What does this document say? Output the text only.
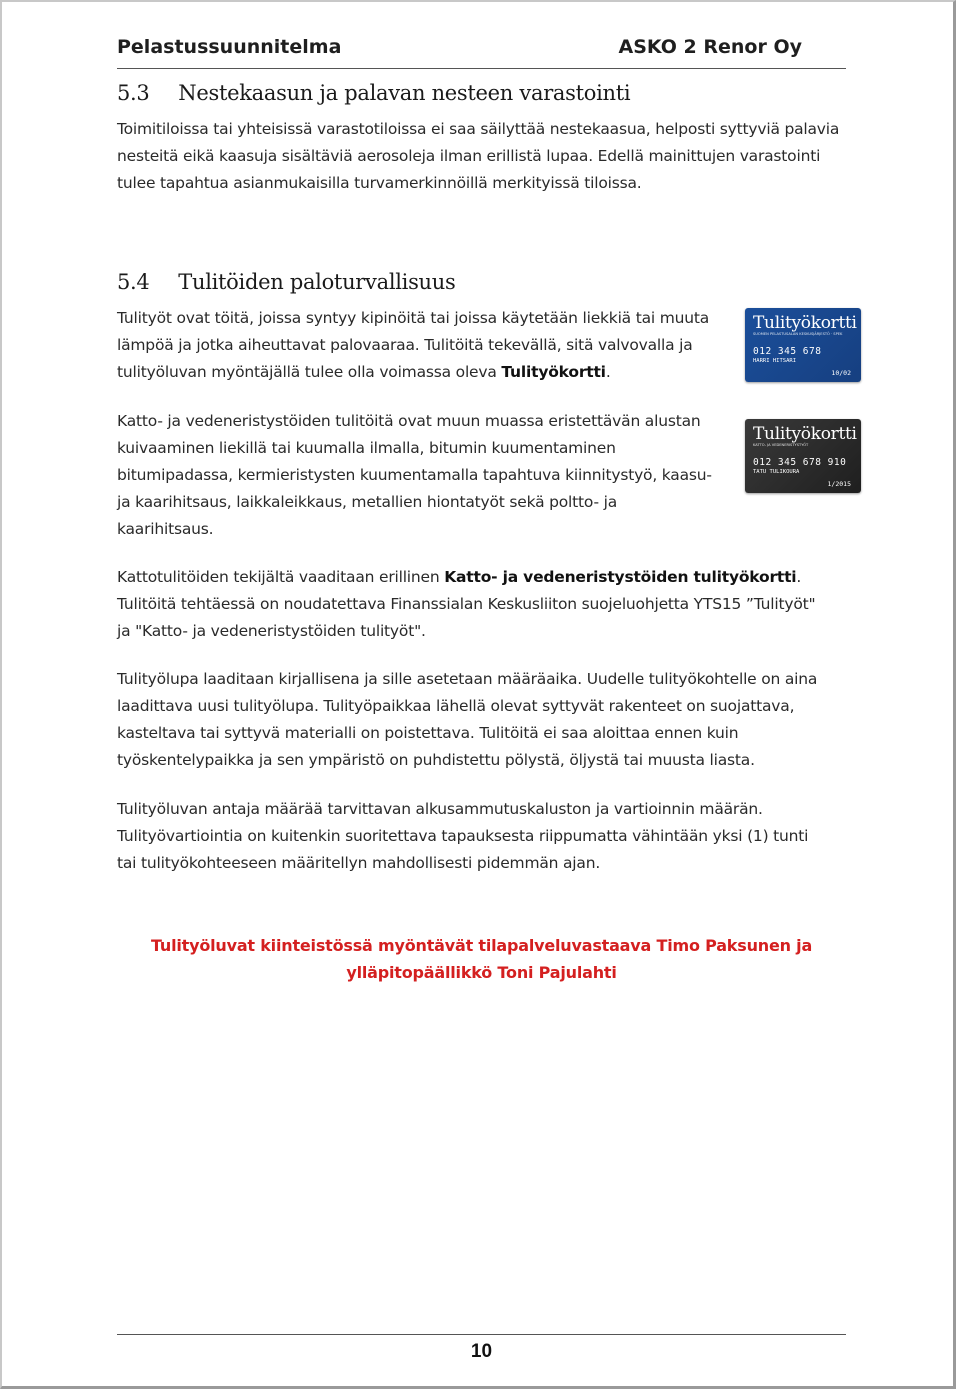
Pelastussuunnitelma	ASKO 2 Renor Oy
5.3 Nestekaasun ja palavan nesteen varastointi
Toimitiloissa tai yhteisissä varastotiloissa ei saa säilyttää nestekaasua, helposti syttyviä palavia
nesteitä eikä kaasuja sisältäviä aerosoleja ilman erillistä lupaa. Edellä mainittujen varastointi
tulee tapahtua asianmukaisilla turvamerkinnöillä merkityissä tiloissa.
5.4 Tulitöiden paloturvallisuus
Tulityöt ovat töitä, joissa syntyy kipinöitä tai joissa käytetään liekkiä tai muuta
lämpöä ja jotka aiheuttavat palovaaraa. Tulitöitä tekevällä, sitä valvovalla ja
tulityöluvan myöntäjällä tulee olla voimassa oleva Tulityökortti.
Tulityökortti
SUOMEN PELASTUSALAN KESKUSJÄRJESTÖ · SPEK
012 345 678
HARRI HITSARI
10/02
Katto- ja vedeneristystöiden tulitöitä ovat muun muassa eristettävän alustan
kuivaaminen liekillä tai kuumalla ilmalla, bitumin kuumentaminen
bitumipadassa, kermieristysten kuumentamalla tapahtuva kiinnitystyö, kaasu-
ja kaarihitsaus, laikkaleikkaus, metallien hiontatyöt sekä poltto- ja
kaarihitsaus.
Tulityökortti
KATTO- JA VEDENERISTYSTYÖT
012 345 678 910
TATU TULIKOURA
1/2015
Kattotulitöiden tekijältä vaaditaan erillinen Katto- ja vedeneristystöiden tulityökortti.
Tulitöitä tehtäessä on noudatettava Finanssialan Keskusliiton suojeluohjetta YTS15 ”Tulityöt"
ja "Katto- ja vedeneristystöiden tulityöt".
Tulityölupa laaditaan kirjallisena ja sille asetetaan määräaika. Uudelle tulityökohtelle on aina
laadittava uusi tulityölupa. Tulityöpaikkaa lähellä olevat syttyvät rakenteet on suojattava,
kasteltava tai syttyvä materialli on poistettava. Tulitöitä ei saa aloittaa ennen kuin
työskentelypaikka ja sen ympäristö on puhdistettu pölystä, öljystä tai muusta liasta.
Tulityöluvan antaja määrää tarvittavan alkusammutuskaluston ja vartioinnin määrän.
Tulityövartiointia on kuitenkin suoritettava tapauksesta riippumatta vähintään yksi (1) tunti
tai tulityökohteeseen määritellyn mahdollisesti pidemmän ajan.
Tulityöluvat kiinteistössä myöntävät tilapalveluvastaava Timo Paksunen ja
ylläpitopäällikkö Toni Pajulahti
10
